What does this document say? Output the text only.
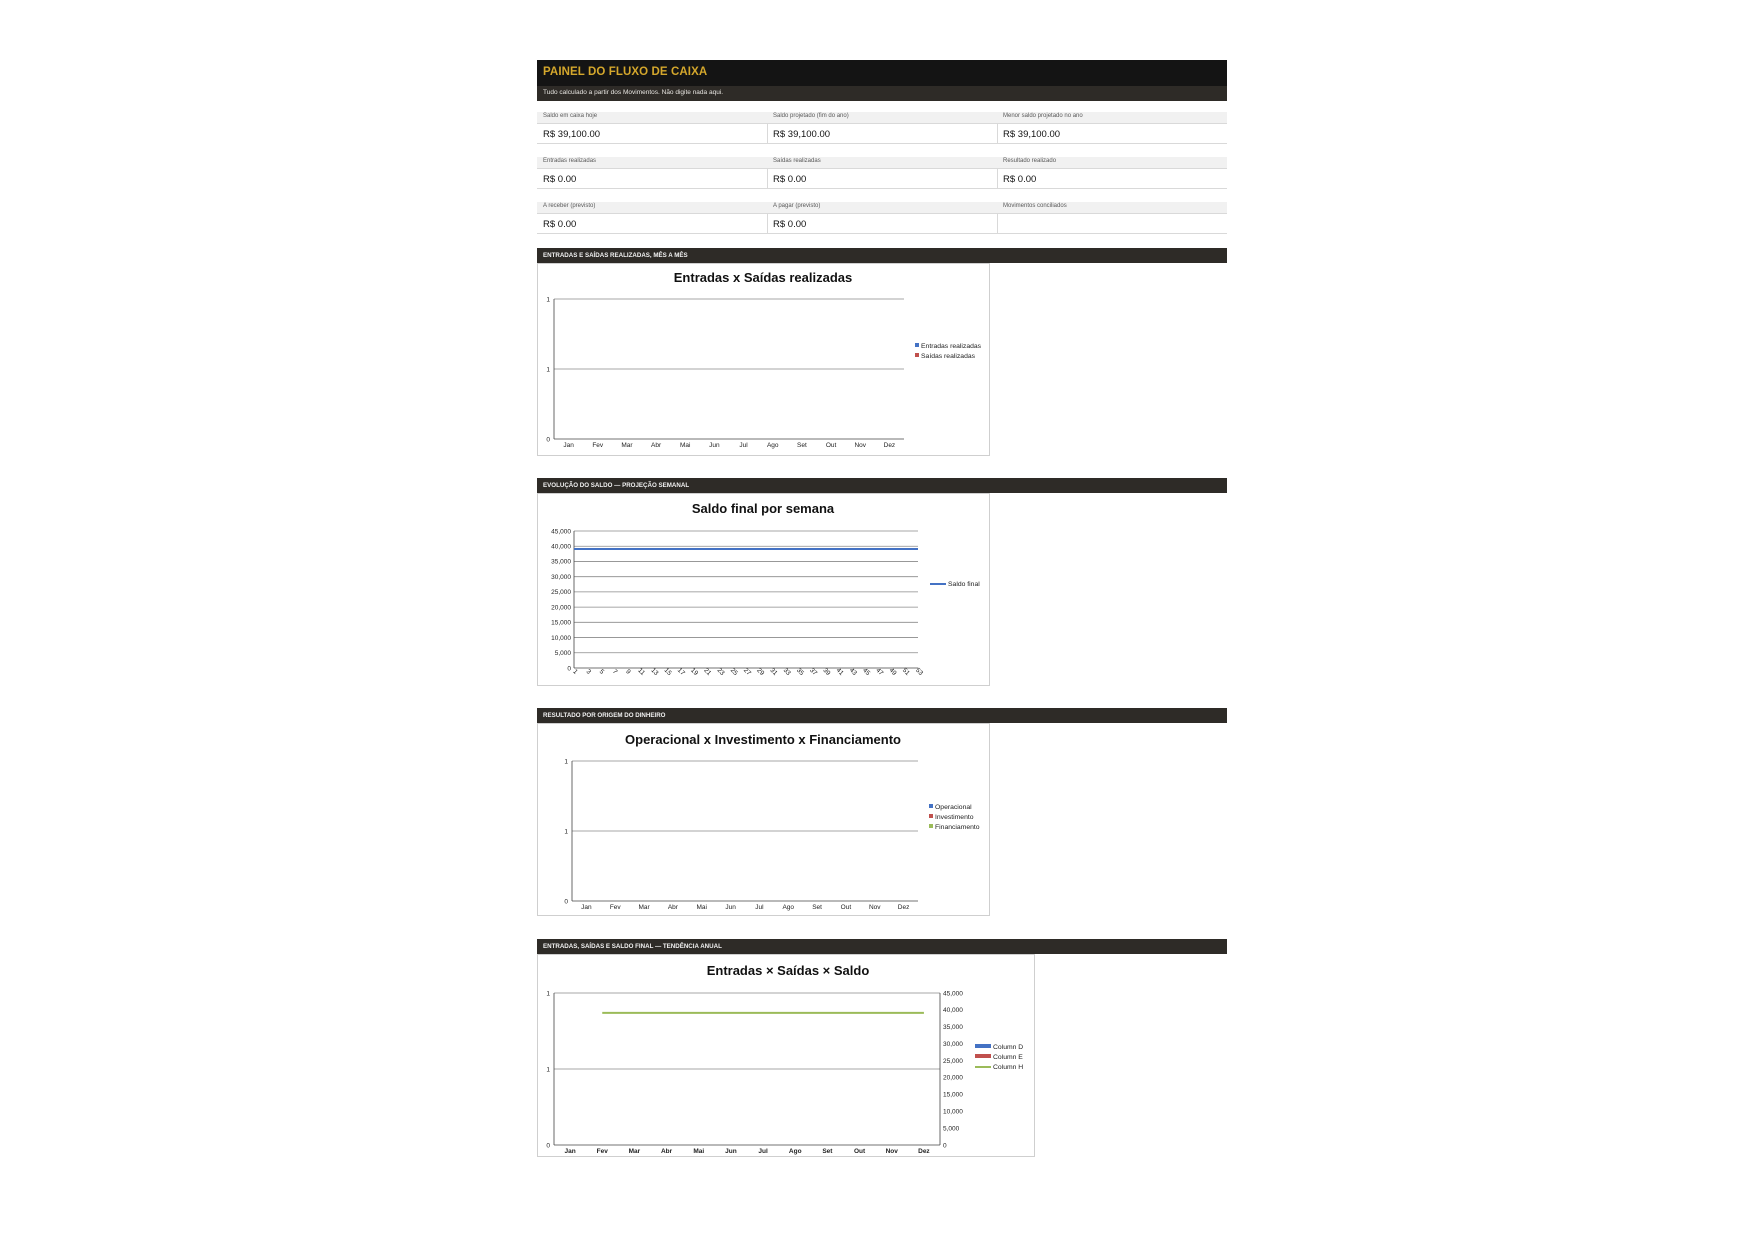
PAINEL DO FLUXO DE CAIXA
Tudo calculado a partir dos Movimentos. Não digite nada aqui.
Saldo em caixa hoje	Saldo projetado (fim do ano)	Menor saldo projetado no ano
R$ 39,100.00	R$ 39,100.00	R$ 39,100.00
Entradas realizadas	Saídas realizadas	Resultado realizado
R$ 0.00	R$ 0.00	R$ 0.00
A receber (previsto)	A pagar (previsto)	Movimentos conciliados
R$ 0.00	R$ 0.00
ENTRADAS E SAÍDAS REALIZADAS, MÊS A MÊS
Entradas x Saídas realizadas
0
1
1
Jan	Fev	Mar	Abr	Mai	Jun	Jul	Ago	Set	Out	Nov	Dez
Entradas realizadas
Saídas realizadas
EVOLUÇÃO DO SALDO — PROJEÇÃO SEMANAL
Saldo final por semana
0
5,000
10,000
15,000
20,000
25,000
30,000
35,000
40,000
45,000
1 3 5 7 9 11 13 15 17 19 21 23 25 27 29 31 33 35 37 39 41 43 45 47 49 51 53
Saldo final
RESULTADO POR ORIGEM DO DINHEIRO
Operacional x Investimento x Financiamento
0
1
1
Jan	Fev	Mar	Abr	Mai	Jun	Jul	Ago	Set	Out	Nov	Dez
Operacional
Investimento
Financiamento
ENTRADAS, SAÍDAS E SALDO FINAL — TENDÊNCIA ANUAL
Entradas × Saídas × Saldo
0
1
1
Jan	Fev	Mar	Abr	Mai	Jun	Jul	Ago	Set	Out	Nov	Dez
0
5,000
10,000
15,000
20,000
25,000
30,000
35,000
40,000
45,000
Column D
Column E
Column H
